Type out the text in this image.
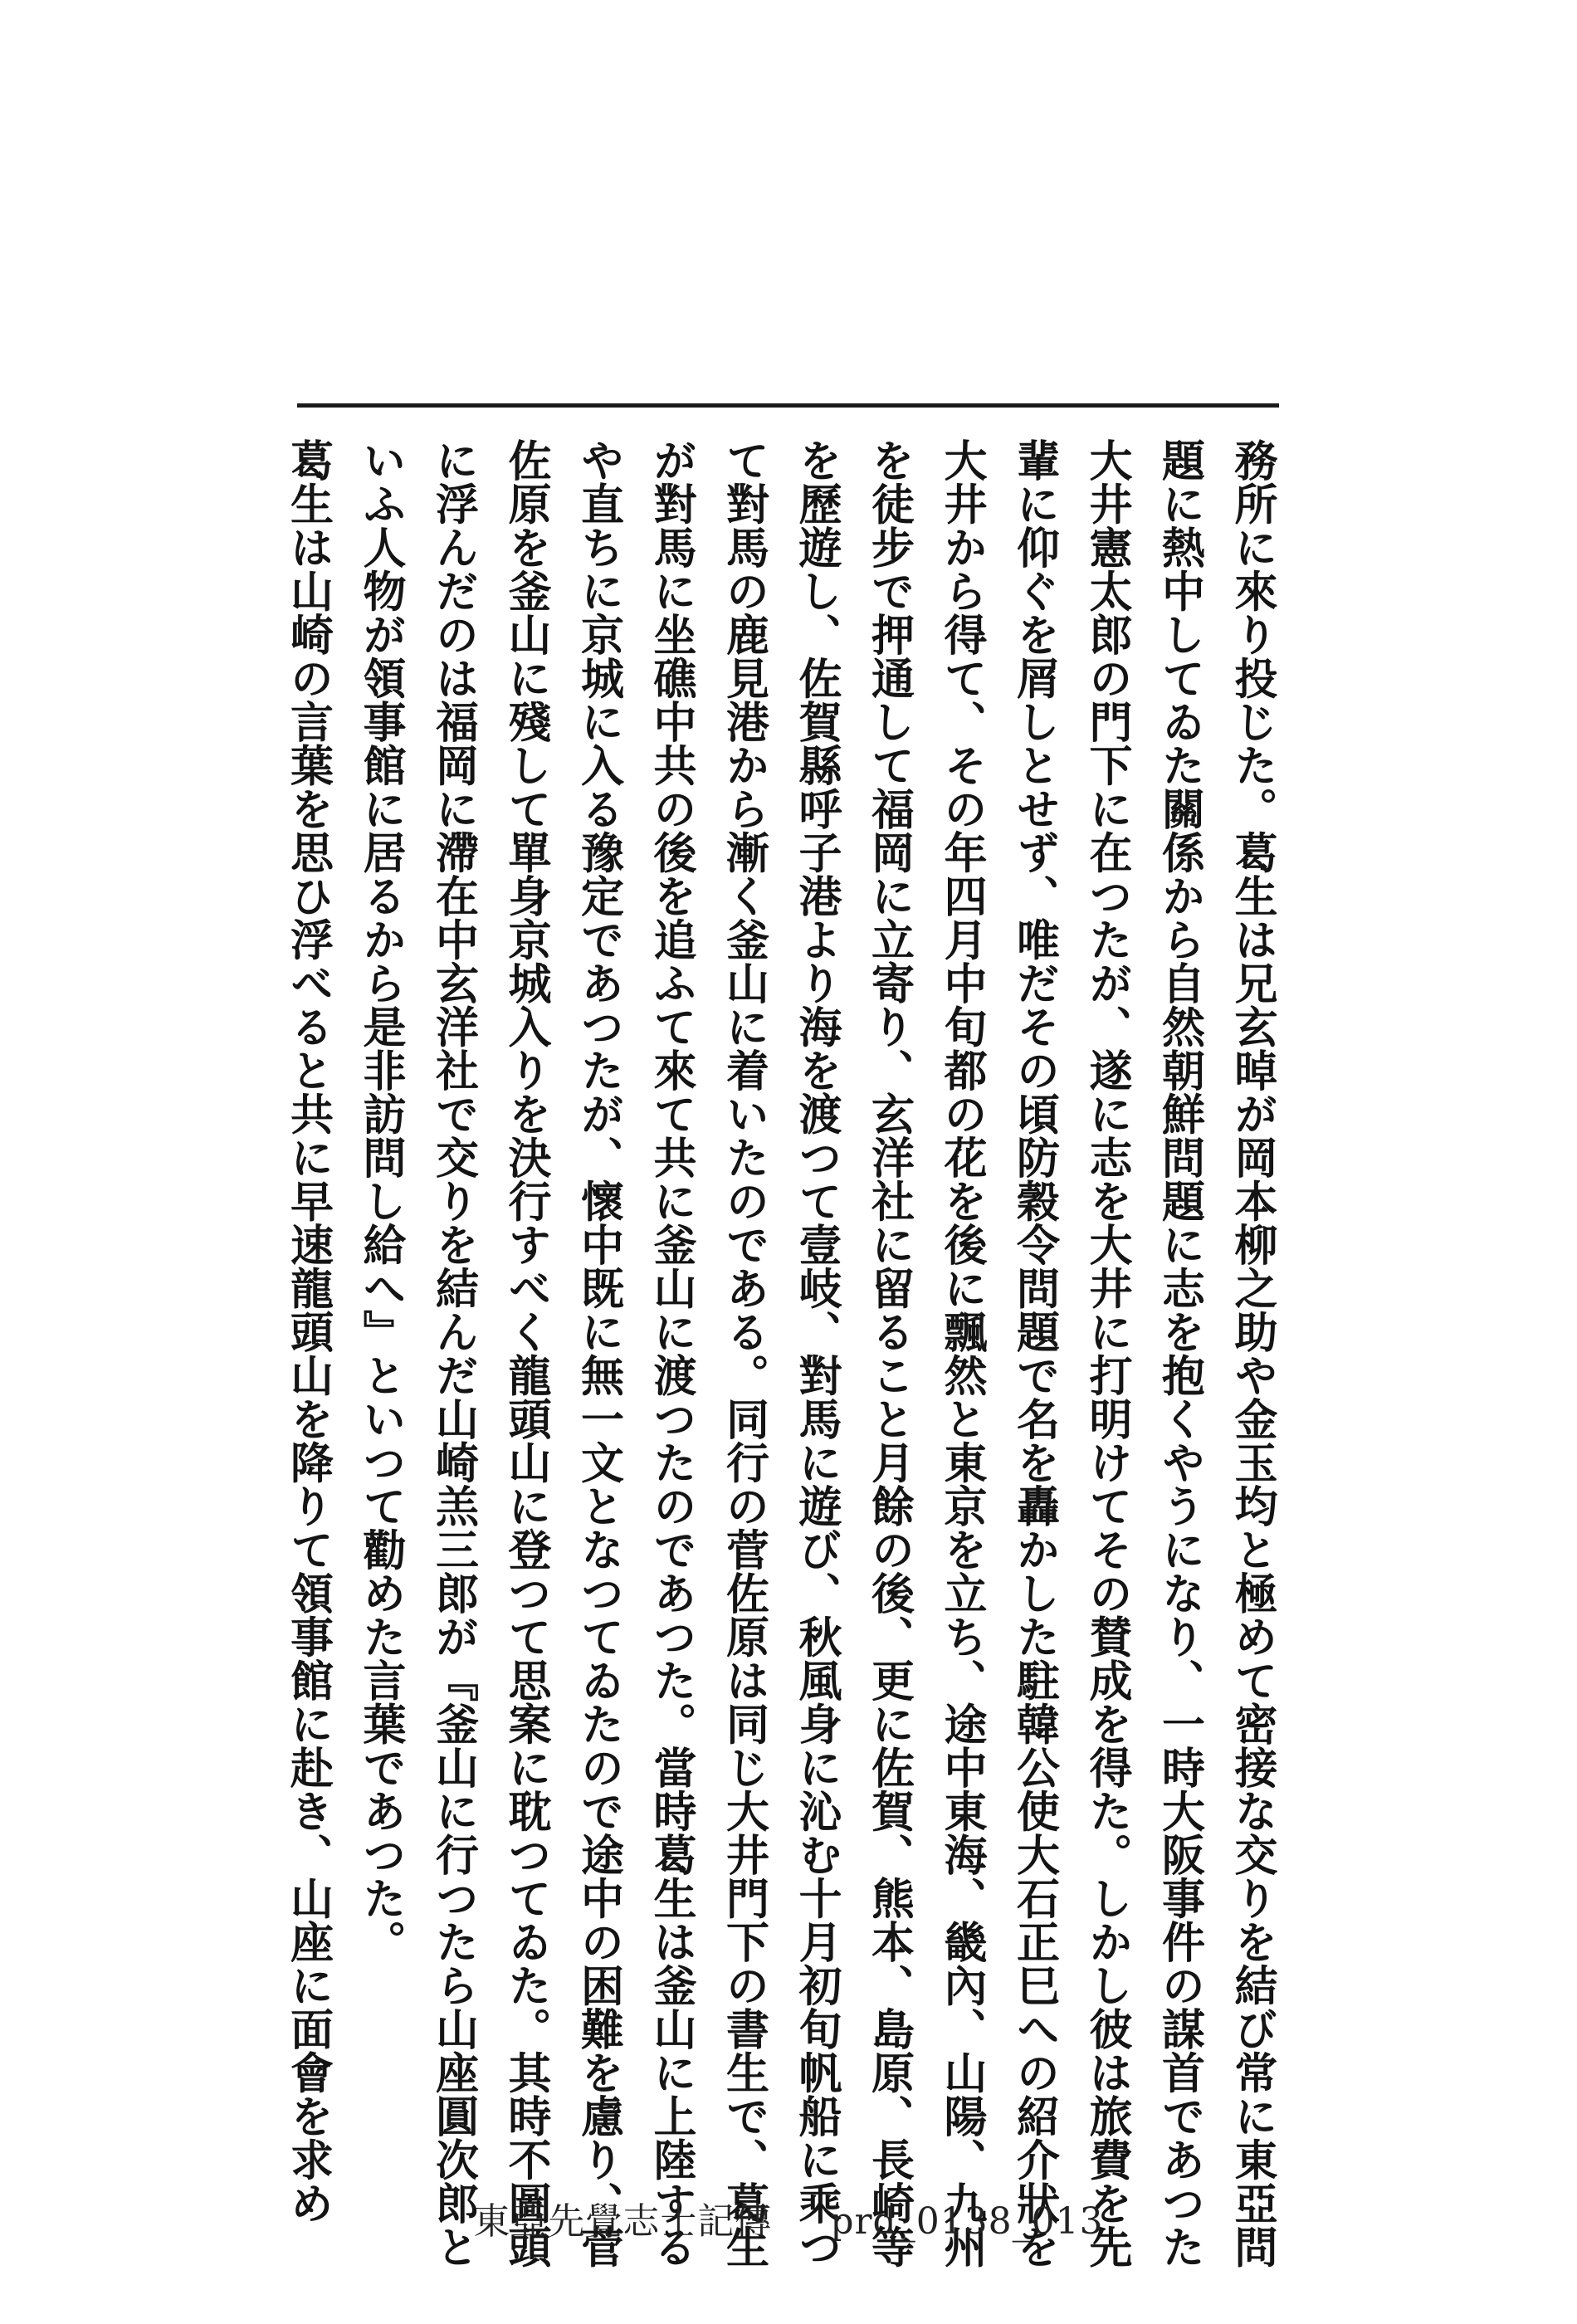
務所に來り投じた。葛生は兄玄晫が岡本柳之助や金玉均と極めて密接な交りを結び常に東亞問
題に熱中してゐた關係から自然朝鮮問題に志を抱くやうになり、一時大阪事件の謀首であつた
大井憲太郎の門下に在つたが、遂に志を大井に打明けてその賛成を得た。しかし彼は旅費を先
輩に仰ぐを屑しとせず、唯だその頃防穀令問題で名を轟かした駐韓公使大石正巳への紹介狀を
大井から得て、その年四月中旬都の花を後に飄然と東京を立ち、途中東海、畿內、山陽、九州
を徒步で押通して福岡に立寄り、玄洋社に留ること月餘の後、更に佐賀、熊本、島原、長崎等
を歷遊し、佐賀縣呼子港より海を渡つて壹岐、對馬に遊び、秋風身に沁む十月初旬帆船に乘つ
て對馬の鹿見港から漸く釜山に着いたのである。同行の菅佐原は同じ大井門下の書生で、葛生
が對馬に坐礁中共の後を追ふて來て共に釜山に渡つたのであつた。當時葛生は釜山に上陸する
や直ちに京城に入る豫定であつたが、懷中既に無一文となつてゐたので途中の困難を慮り、菅
佐原を釜山に殘して單身京城入りを決行すべく龍頭山に登つて思案に耽つてゐた。其時不圖頭
に浮んだのは福岡に滯在中玄洋社で交りを結んだ山崎羔三郎が『釜山に行つたら山座圓次郎と
いふ人物が領事館に居るから是非訪問し給へ』といつて勸めた言葉であつた。
葛生は山崎の言葉を思ひ浮べると共に早速龍頭山を降りて領事館に赴き、山座に面會を求め	東亞先覺志士記傳 prd_0138_013
